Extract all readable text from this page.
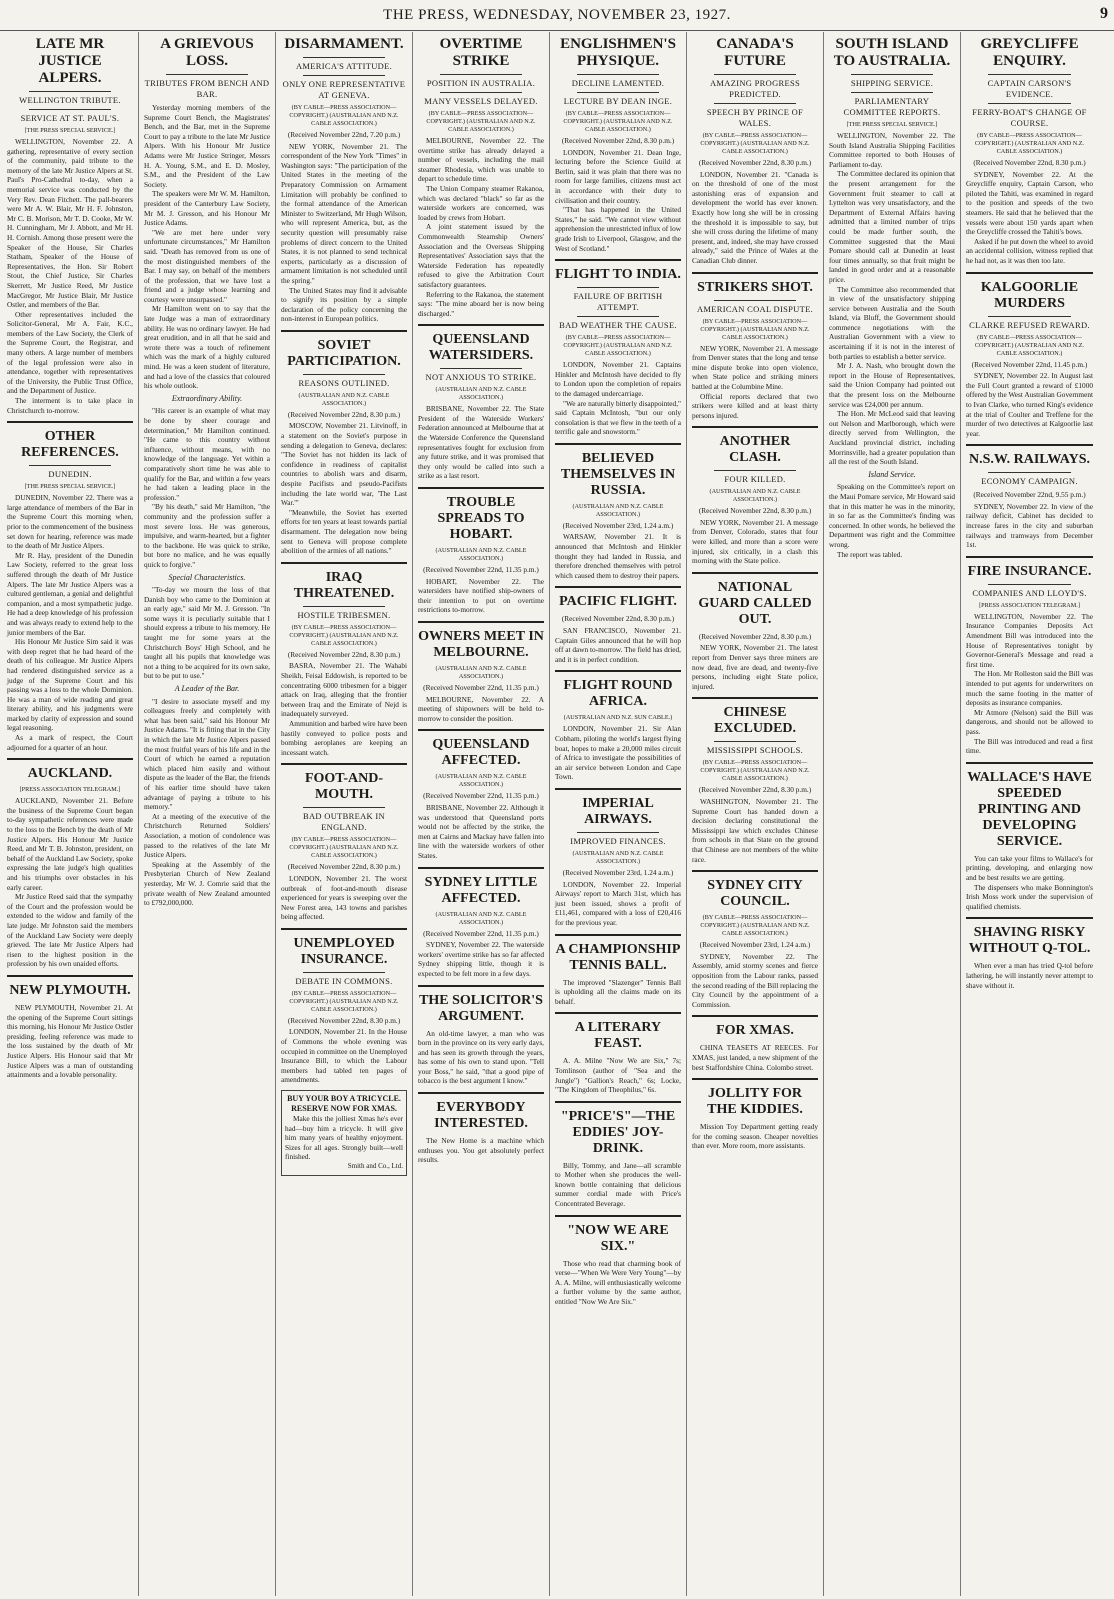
THE PRESS, WEDNESDAY, NOVEMBER 23, 1927.	9
LATE MR JUSTICE ALPERS.
WELLINGTON TRIBUTE.
SERVICE AT ST. PAUL'S.
[THE PRESS SPECIAL SERVICE.]

WELLINGTON, November 22. A gathering, representative of every section of the community, paid tribute to the memory of the late Mr Justice Alpers at St. Paul's Pro-Cathedral to-day, when a memorial service was conducted by the Very Rev. Dean Fitchett. The pall-bearers were Mr A. W. Blair, Mr H. F. Johnston, Mr C. B. Morison, Mr T. D. Cooke, Mr W. H. Cunningham, Mr J. Abbott, and Mr H. H. Cornish. Among those present were the Speaker of the House, Sir Charles Statham, Speaker of the House of Representatives, the Hon. Sir Robert Stout, the Chief Justice, Sir Charles Skerrett, Mr Justice Reed, Mr Justice MacGregor, Mr Justice Blair, Mr Justice Ostler, and members of the Bar.

Other representatives included the Solicitor-General, Mr A. Fair, K.C., members of the Law Society, the Clerk of the Supreme Court, the Registrar, and many others. A large number of members of the legal profession were also in attendance, together with representatives of the University, the Public Trust Office, and the Department of Justice.

The interment is to take place in Christchurch to-morrow.

OTHER REFERENCES.
DUNEDIN.
[THE PRESS SPECIAL SERVICE.]

DUNEDIN, November 22. There was a large attendance of members of the Bar in the Supreme Court this morning when, prior to the commencement of the business set down for hearing, reference was made to the death of Mr Justice Alpers.

Mr R. Hay, president of the Dunedin Law Society, referred to the great loss suffered through the death of Mr Justice Alpers. The late Mr Justice Alpers was a cultured gentleman, a genial and delightful companion, and a most sympathetic judge. He had a deep knowledge of his profession and was always ready to extend help to the junior members of the Bar.

His Honour Mr Justice Sim said it was with deep regret that he had heard of the death of his colleague. Mr Justice Alpers had rendered distinguished service as a judge of the Supreme Court and his passing was a loss to the whole Dominion. He was a man of wide reading and great literary ability, and his judgments were marked by clarity of expression and sound legal reasoning.

As a mark of respect, the Court adjourned for a quarter of an hour.

AUCKLAND.
[PRESS ASSOCIATION TELEGRAM.]

AUCKLAND, November 21. Before the business of the Supreme Court began to-day sympathetic references were made to the loss to the Bench by the death of Mr Justice Alpers. His Honour Mr Justice Reed, and Mr T. B. Johnston, president, on behalf of the Auckland Law Society, spoke expressing the late judge's high qualities and his triumphs over obstacles in his early career.

Mr Justice Reed said that the sympathy of the Court and the profession would be extended to the widow and family of the late judge. Mr Johnston said the members of the Auckland Law Society were deeply grieved. The late Mr Justice Alpers had risen to the highest position in the profession by his own unaided efforts.

NEW PLYMOUTH.

NEW PLYMOUTH, November 21. At the opening of the Supreme Court sittings this morning, his Honour Mr Justice Ostler presiding, feeling reference was made to the loss sustained by the death of Mr Justice Alpers. His Honour said that Mr Justice Alpers was a man of outstanding attainments and a lovable personality.

A GRIEVOUS LOSS.
TRIBUTES FROM BENCH AND BAR.

Yesterday morning members of the Supreme Court Bench, the Magistrates' Bench, and the Bar, met in the Supreme Court to pay a tribute to the late Mr Justice Alpers. With his Honour Mr Justice Adams were Mr Justice Stringer, Messrs H. A. Young, S.M., and E. D. Mosley, S.M., and the President of the Law Society.

The speakers were Mr W. M. Hamilton, president of the Canterbury Law Society, Mr M. J. Gresson, and his Honour Mr Justice Adams.

"We are met here under very unfortunate circumstances," Mr Hamilton said. "Death has removed from us one of the most distinguished members of the Bar. I may say, on behalf of the members of the profession, that we have lost a friend and a judge whose learning and courtesy were unsurpassed."

Mr Hamilton went on to say that the late Judge was a man of extraordinary ability. He was no ordinary lawyer. He had great erudition, and in all that he said and wrote there was a touch of refinement which was the mark of a highly cultured mind. He was a keen student of literature, and had a love of the classics that coloured his whole outlook.

Extraordinary Ability.

"His career is an example of what may be done by sheer courage and determination," Mr Hamilton continued. "He came to this country without influence, without means, with no knowledge of the language. Yet within a comparatively short time he was able to qualify for the Bar, and within a few years he had taken a leading place in the profession."

"By his death," said Mr Hamilton, "the community and the profession suffer a most severe loss. He was generous, impulsive, and warm-hearted, but a fighter to the backbone. He was quick to strike, but bore no malice, and he was equally quick to forgive."

Special Characteristics.

"To-day we mourn the loss of that Danish boy who came to the Dominion at an early age," said Mr M. J. Gresson. "In some ways it is peculiarly suitable that I should express a tribute to his memory. He taught me for some years at the Christchurch Boys' High School, and he taught all his pupils that knowledge was not a thing to be acquired for its own sake, but to be put to use."

A Leader of the Bar.

"I desire to associate myself and my colleagues freely and completely with what has been said," said his Honour Mr Justice Adams. "It is fitting that in the City in which the late Mr Justice Alpers passed the most fruitful years of his life and in the Court of which he earned a reputation which placed him easily and without dispute as the leader of the Bar, the friends of his earlier time should have taken advantage of paying a tribute to his memory."

At a meeting of the executive of the Christchurch Returned Soldiers' Association, a motion of condolence was passed to the relatives of the late Mr Justice Alpers.

Speaking at the Assembly of the Presbyterian Church of New Zealand yesterday, Mr W. J. Comrie said that the private wealth of New Zealand amounted to £792,000,000.

DISARMAMENT.
AMERICA'S ATTITUDE.
ONLY ONE REPRESENTATIVE AT GENEVA.
(BY CABLE—PRESS ASSOCIATION—COPYRIGHT.) (AUSTRALIAN AND N.Z. CABLE ASSOCIATION.)
(Received November 22nd, 7.20 p.m.)

NEW YORK, November 21. The correspondent of the New York "Times" in Washington says: "The participation of the United States in the meeting of the Preparatory Commission on Armament Limitation will probably be confined to the formal attendance of the American Minister to Switzerland, Mr Hugh Wilson, who will represent America, but, as the security question will presumably raise problems of direct concern to the United States, it is not planned to send technical experts, particularly as a discussion of armament limitation is not scheduled until the spring."

The United States may find it advisable to signify its position by a simple declaration of the policy concerning the non-interest in European politics.

SOVIET PARTICIPATION.
REASONS OUTLINED.
(AUSTRALIAN AND N.Z. CABLE ASSOCIATION.)
(Received November 22nd, 8.30 p.m.)

MOSCOW, November 21. Litvinoff, in a statement on the Soviet's purpose in sending a delegation to Geneva, declares: "The Soviet has not hidden its lack of confidence in readiness of capitalist countries to abolish wars and disarm, despite Pacifists and pseudo-Pacifists including the late world war, 'The Last War.'"

"Meanwhile, the Soviet has exerted efforts for ten years at least towards partial disarmament. The delegation now being sent to Geneva will propose complete abolition of the armies of all nations."

IRAQ THREATENED.
HOSTILE TRIBESMEN.
(BY CABLE—PRESS ASSOCIATION—COPYRIGHT.) (AUSTRALIAN AND N.Z. CABLE ASSOCIATION.)
(Received November 22nd, 8.30 p.m.)

BASRA, November 21. The Wahabi Sheikh, Feisal Eddowish, is reported to be concentrating 6000 tribesmen for a bigger attack on Iraq, alleging that the frontier between Iraq and the Emirate of Nejd is inadequately surveyed.

Ammunition and barbed wire have been hastily conveyed to police posts and bombing aeroplanes are keeping an incessant watch.

FOOT-AND-MOUTH.
BAD OUTBREAK IN ENGLAND.
(BY CABLE—PRESS ASSOCIATION—COPYRIGHT.) (AUSTRALIAN AND N.Z. CABLE ASSOCIATION.)
(Received November 22nd, 8.30 p.m.)

LONDON, November 21. The worst outbreak of foot-and-mouth disease experienced for years is sweeping over the New Forest area, 143 towns and parishes being affected.

UNEMPLOYED INSURANCE.
DEBATE IN COMMONS.
(BY CABLE—PRESS ASSOCIATION—COPYRIGHT.) (AUSTRALIAN AND N.Z. CABLE ASSOCIATION.)
(Received November 22nd, 8.30 p.m.)

LONDON, November 21. In the House of Commons the whole evening was occupied in committee on the Unemployed Insurance Bill, to which the Labour members had tabled ten pages of amendments.

BUY YOUR BOY A TRICYCLE. RESERVE NOW FOR XMAS.

Make this the jolliest Xmas he's ever had—buy him a tricycle. It will give him many years of healthy enjoyment. Sizes for all ages. Strongly built—well finished.

Smith and Co., Ltd.
OVERTIME STRIKE
POSITION IN AUSTRALIA.
MANY VESSELS DELAYED.
(BY CABLE—PRESS ASSOCIATION—COPYRIGHT.) (AUSTRALIAN AND N.Z. CABLE ASSOCIATION.)

MELBOURNE, November 22. The overtime strike has already delayed a number of vessels, including the mail steamer Rhodesia, which was unable to depart to schedule time.

The Union Company steamer Rakanoa, which was declared "black" so far as the waterside workers are concerned, was loaded by crews from Hobart.

A joint statement issued by the Commonwealth Steamship Owners' Association and the Overseas Shipping Representatives' Association says that the Waterside Federation has repeatedly refused to give the Arbitration Court satisfactory guarantees.

Referring to the Rakanoa, the statement says: "The mine aboard her is now being discharged."

QUEENSLAND WATERSIDERS.
NOT ANXIOUS TO STRIKE.
(AUSTRALIAN AND N.Z. CABLE ASSOCIATION.)

BRISBANE, November 22. The State President of the Waterside Workers' Federation announced at Melbourne that at the Waterside Conference the Queensland representatives fought for exclusion from any future strike, and it was promised that they only would be called into such a strike as a last resort.

TROUBLE SPREADS TO HOBART.
(AUSTRALIAN AND N.Z. CABLE ASSOCIATION.)
(Received November 22nd, 11.35 p.m.)

HOBART, November 22. The watersiders have notified ship-owners of their intention to put on overtime restrictions to-morrow.

OWNERS MEET IN MELBOURNE.
(AUSTRALIAN AND N.Z. CABLE ASSOCIATION.)
(Received November 22nd, 11.35 p.m.)

MELBOURNE, November 22. A meeting of shipowners will be held to-morrow to consider the position.

QUEENSLAND AFFECTED.
(AUSTRALIAN AND N.Z. CABLE ASSOCIATION.)
(Received November 22nd, 11.35 p.m.)

BRISBANE, November 22. Although it was understood that Queensland ports would not be affected by the strike, the men at Cairns and Mackay have fallen into line with the waterside workers of other States.

SYDNEY LITTLE AFFECTED.
(AUSTRALIAN AND N.Z. CABLE ASSOCIATION.)
(Received November 22nd, 11.35 p.m.)

SYDNEY, November 22. The waterside workers' overtime strike has so far affected Sydney shipping little, though it is expected to be felt more in a few days.

THE SOLICITOR'S ARGUMENT.

An old-time lawyer, a man who was born in the province on its very early days, and has seen its growth through the years, has some of his own to stand upon. "Tell your Boss," he said, "that a good pipe of tobacco is the best argument I know."

EVERYBODY INTERESTED.

The New Home is a machine which enthuses you. You get absolutely perfect results.

ENGLISHMEN'S PHYSIQUE.
DECLINE LAMENTED.
LECTURE BY DEAN INGE.
(BY CABLE—PRESS ASSOCIATION—COPYRIGHT.) (AUSTRALIAN AND N.Z. CABLE ASSOCIATION.)
(Received November 22nd, 8.30 p.m.)

LONDON, November 21. Dean Inge, lecturing before the Science Guild at Berlin, said it was plain that there was no room for large families, citizens must act in accordance with their duty to civilisation and their country.

"That has happened in the United States," he said. "We cannot view without apprehension the unrestricted influx of low grade Irish to Liverpool, Glasgow, and the West of Scotland."

FLIGHT TO INDIA.
FAILURE OF BRITISH ATTEMPT.
BAD WEATHER THE CAUSE.
(BY CABLE—PRESS ASSOCIATION—COPYRIGHT.) (AUSTRALIAN AND N.Z. CABLE ASSOCIATION.)

LONDON, November 21. Captains Hinkler and McIntosh have decided to fly to London upon the completion of repairs to the damaged undercarriage.

"We are naturally bitterly disappointed," said Captain McIntosh, "but our only consolation is that we flew in the teeth of a terrific gale and snowstorm."

BELIEVED THEMSELVES IN RUSSIA.
(AUSTRALIAN AND N.Z. CABLE ASSOCIATION.)
(Received November 23rd, 1.24 a.m.)

WARSAW, November 21. It is announced that McIntosh and Hinkler thought they had landed in Russia, and therefore drenched themselves with petrol which caused them to destroy their papers.

PACIFIC FLIGHT.
(Received November 22nd, 8.30 p.m.)

SAN FRANCISCO, November 21. Captain Giles announced that he will hop off at dawn to-morrow. The field has dried, and it is in perfect condition.

FLIGHT ROUND AFRICA.
(AUSTRALIAN AND N.Z. SUN CABLE.)

LONDON, November 21. Sir Alan Cobham, piloting the world's largest flying boat, hopes to make a 20,000 miles circuit of Africa to investigate the possibilities of an air service between London and Cape Town.

IMPERIAL AIRWAYS.
IMPROVED FINANCES.
(AUSTRALIAN AND N.Z. CABLE ASSOCIATION.)
(Received November 23rd, 1.24 a.m.)

LONDON, November 22. Imperial Airways' report to March 31st, which has just been issued, shows a profit of £11,461, compared with a loss of £20,416 for the previous year.

A CHAMPIONSHIP TENNIS BALL.

The improved "Slazenger" Tennis Ball is upholding all the claims made on its behalf.

A LITERARY FEAST.

A. A. Milne "Now We are Six," 7s; Tomlinson (author of "Sea and the Jungle") "Gallion's Reach," 6s; Locke, "The Kingdom of Theophilus," 6s.

"PRICE'S"—THE EDDIES' JOY-DRINK.

Billy, Tommy, and Jane—all scramble to Mother when she produces the well-known bottle containing that delicious summer cordial made with Price's Concentrated Beverage.

"NOW WE ARE SIX."

Those who read that charming book of verse—"When We Were Very Young"—by A. A. Milne, will enthusiastically welcome a further volume by the same author, entitled "Now We Are Six."

CANADA'S FUTURE
AMAZING PROGRESS PREDICTED.
SPEECH BY PRINCE OF WALES.
(BY CABLE—PRESS ASSOCIATION—COPYRIGHT.) (AUSTRALIAN AND N.Z. CABLE ASSOCIATION.)
(Received November 22nd, 8.30 p.m.)

LONDON, November 21. "Canada is on the threshold of one of the most astonishing eras of expansion and development the world has ever known. Exactly how long she will be in crossing the threshold it is impossible to say, but she will cross during the lifetime of many present, and, indeed, she may have crossed already," said the Prince of Wales at the Canadian Club dinner.

STRIKERS SHOT.
AMERICAN COAL DISPUTE.
(BY CABLE—PRESS ASSOCIATION—COPYRIGHT.) (AUSTRALIAN AND N.Z. CABLE ASSOCIATION.)

NEW YORK, November 21. A message from Denver states that the long and tense mine dispute broke into open violence, when State police and striking miners battled at the Columbine Mine.

Official reports declared that two strikers were killed and at least thirty persons injured.

ANOTHER CLASH.
FOUR KILLED.
(AUSTRALIAN AND N.Z. CABLE ASSOCIATION.)
(Received November 22nd, 8.30 p.m.)

NEW YORK, November 21. A message from Denver, Colorado, states that four were killed, and more than a score were injured, six critically, in a clash this morning with the State police.

NATIONAL GUARD CALLED OUT.
(Received November 22nd, 8.30 p.m.)

NEW YORK, November 21. The latest report from Denver says three miners are now dead, five are dead, and twenty-five persons, including eight State police, injured.

CHINESE EXCLUDED.
MISSISSIPPI SCHOOLS.
(BY CABLE—PRESS ASSOCIATION—COPYRIGHT.) (AUSTRALIAN AND N.Z. CABLE ASSOCIATION.)
(Received November 22nd, 8.30 p.m.)

WASHINGTON, November 21. The Supreme Court has handed down a decision declaring constitutional the Mississippi law which excludes Chinese from schools in that State on the ground that Chinese are not members of the white race.

SYDNEY CITY COUNCIL.
(BY CABLE—PRESS ASSOCIATION—COPYRIGHT.) (AUSTRALIAN AND N.Z. CABLE ASSOCIATION.)
(Received November 23rd, 1.24 a.m.)

SYDNEY, November 22. The Assembly, amid stormy scenes and fierce opposition from the Labour ranks, passed the second reading of the Bill replacing the City Council by the appointment of a Commission.

FOR XMAS.

CHINA TEASETS AT REECES. For XMAS, just landed, a new shipment of the best Staffordshire China. Colombo street.

JOLLITY FOR THE KIDDIES.

Mission Toy Department getting ready for the coming season. Cheaper novelties than ever. More room, more assistants.

SOUTH ISLAND TO AUSTRALIA.
SHIPPING SERVICE.
PARLIAMENTARY COMMITTEE REPORTS.
[THE PRESS SPECIAL SERVICE.]

WELLINGTON, November 22. The South Island Australia Shipping Facilities Committee reported to both Houses of Parliament to-day.

The Committee declared its opinion that the present arrangement for the Government fruit steamer to call at Lyttelton was very unsatisfactory, and the Department of External Affairs having admitted that a limited number of trips could be made further south, the Committee suggested that the Maui Pomare should call at Dunedin at least four times annually, so that fruit might be landed in good order and at a reasonable price.

The Committee also recommended that in view of the unsatisfactory shipping service between Australia and the South Island, via Bluff, the Government should commence negotiations with the Australian Government with a view to ascertaining if it is not in the interest of both parties to establish a better service.

Mr J. A. Nash, who brought down the report in the House of Representatives, said the Union Company had pointed out that the present loss on the Melbourne service was £24,000 per annum.

The Hon. Mr McLeod said that leaving out Nelson and Marlborough, which were directly served from Wellington, the Auckland provincial district, including Morrinsville, had a greater population than all the rest of the South Island.

Island Service.

Speaking on the Committee's report on the Maui Pomare service, Mr Howard said that in this matter he was in the minority, in so far as the Committee's finding was concerned. In other words, he believed the Department was right and the Committee wrong.

The report was tabled.

GREYCLIFFE ENQUIRY.
CAPTAIN CARSON'S EVIDENCE.
FERRY-BOAT'S CHANGE OF COURSE.
(BY CABLE—PRESS ASSOCIATION—COPYRIGHT.) (AUSTRALIAN AND N.Z. CABLE ASSOCIATION.)
(Received November 22nd, 8.30 p.m.)

SYDNEY, November 22. At the Greycliffe enquiry, Captain Carson, who piloted the Tahiti, was examined in regard to the position and speeds of the two steamers. He said that he believed that the vessels were about 150 yards apart when the Greycliffe crossed the Tahiti's bows.

Asked if he put down the wheel to avoid an accidental collision, witness replied that he had not, as it was then too late.

KALGOORLIE MURDERS
CLARKE REFUSED REWARD.
(BY CABLE—PRESS ASSOCIATION—COPYRIGHT.) (AUSTRALIAN AND N.Z. CABLE ASSOCIATION.)
(Received November 22nd, 11.45 p.m.)

SYDNEY, November 22. In August last the Full Court granted a reward of £1000 offered by the West Australian Government to Ivan Clarke, who turned King's evidence at the trial of Coulter and Treffene for the murder of two detectives at Kalgoorlie last year.

N.S.W. RAILWAYS.
ECONOMY CAMPAIGN.
(Received November 22nd, 9.55 p.m.)

SYDNEY, November 22. In view of the railway deficit, Cabinet has decided to increase fares in the city and suburban railways and tramways from December 1st.

FIRE INSURANCE.
COMPANIES AND LLOYD'S.
[PRESS ASSOCIATION TELEGRAM.]

WELLINGTON, November 22. The Insurance Companies Deposits Act Amendment Bill was introduced into the House of Representatives tonight by Governor-General's Message and read a first time.

The Hon. Mr Rolleston said the Bill was intended to put agents for underwriters on much the same footing in the matter of deposits as insurance companies.

Mr Atmore (Nelson) said the Bill was dangerous, and should not be allowed to pass.

The Bill was introduced and read a first time.

WALLACE'S HAVE SPEEDED PRINTING AND DEVELOPING SERVICE.

You can take your films to Wallace's for printing, developing, and enlarging now and be best results we are getting.

The dispensers who make Bonnington's Irish Moss work under the supervision of qualified chemists.

SHAVING RISKY WITHOUT Q-TOL.

When ever a man has tried Q-tol before lathering, he will instantly never attempt to shave without it.
